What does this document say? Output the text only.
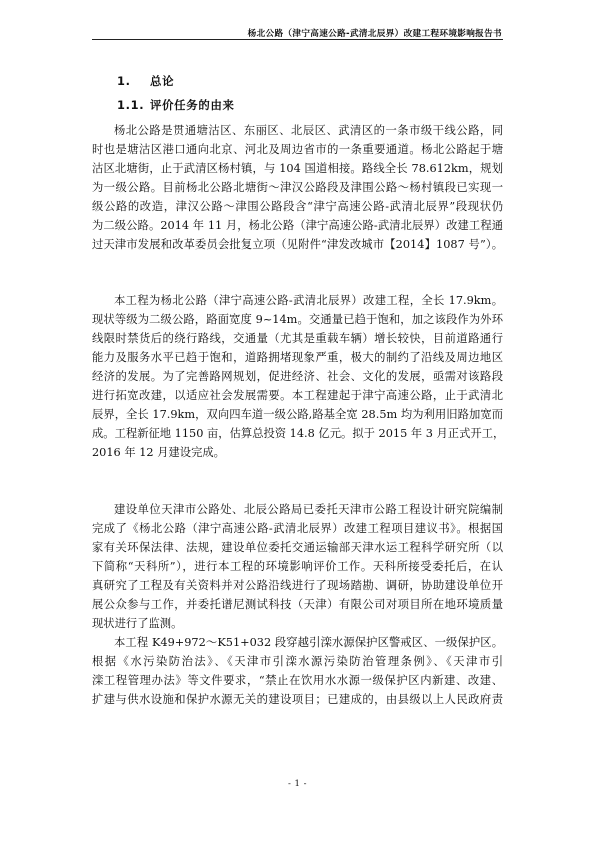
杨北公路（津宁高速公路-武清北辰界）改建工程环境影响报告书
1. 总论
1.1. 评价任务的由来
杨北公路是贯通塘沽区、东丽区、北辰区、武清区的一条市级干线公路，同
时也是塘沽区港口通向北京、河北及周边省市的一条重要通道。杨北公路起于塘
沽区北塘街，止于武清区杨村镇，与 104 国道相接。路线全长 78.612km，规划
为一级公路。目前杨北公路北塘街～津汉公路段及津围公路～杨村镇段已实现一
级公路的改造，津汉公路～津围公路段含“津宁高速公路-武清北辰界”段现状仍
为二级公路。2014 年 11 月，杨北公路（津宁高速公路-武清北辰界）改建工程通
过天津市发展和改革委员会批复立项（见附件“津发改城市【2014】1087 号”）。
本工程为杨北公路（津宁高速公路-武清北辰界）改建工程，全长 17.9km。
现状等级为二级公路，路面宽度 9~14m。交通量已趋于饱和，加之该段作为外环
线限时禁货后的绕行路线，交通量（尤其是重载车辆）增长较快，目前道路通行
能力及服务水平已趋于饱和，道路拥堵现象严重，极大的制约了沿线及周边地区
经济的发展。为了完善路网规划，促进经济、社会、文化的发展，亟需对该路段
进行拓宽改建，以适应社会发展需要。本工程建起于津宁高速公路，止于武清北
辰界，全长 17.9km，双向四车道一级公路,路基全宽 28.5m 均为利用旧路加宽而
成。工程新征地 1150 亩，估算总投资 14.8 亿元。拟于 2015 年 3 月正式开工，
2016 年 12 月建设完成。
建设单位天津市公路处、北辰公路局已委托天津市公路工程设计研究院编制
完成了《杨北公路（津宁高速公路-武清北辰界）改建工程项目建议书》。根据国
家有关环保法律、法规，建设单位委托交通运输部天津水运工程科学研究所（以
下简称“天科所”），进行本工程的环境影响评价工作。天科所接受委托后，在认
真研究了工程及有关资料并对公路沿线进行了现场踏勘、调研，协助建设单位开
展公众参与工作，并委托谱尼测试科技（天津）有限公司对项目所在地环境质量
现状进行了监测。
本工程 K49+972～K51+032 段穿越引滦水源保护区警戒区、一级保护区。
根据《水污染防治法》、《天津市引滦水源污染防治管理条例》、《天津市引
滦工程管理办法》等文件要求，“禁止在饮用水水源一级保护区内新建、改建、
扩建与供水设施和保护水源无关的建设项目；已建成的，由县级以上人民政府责
- 1 -
